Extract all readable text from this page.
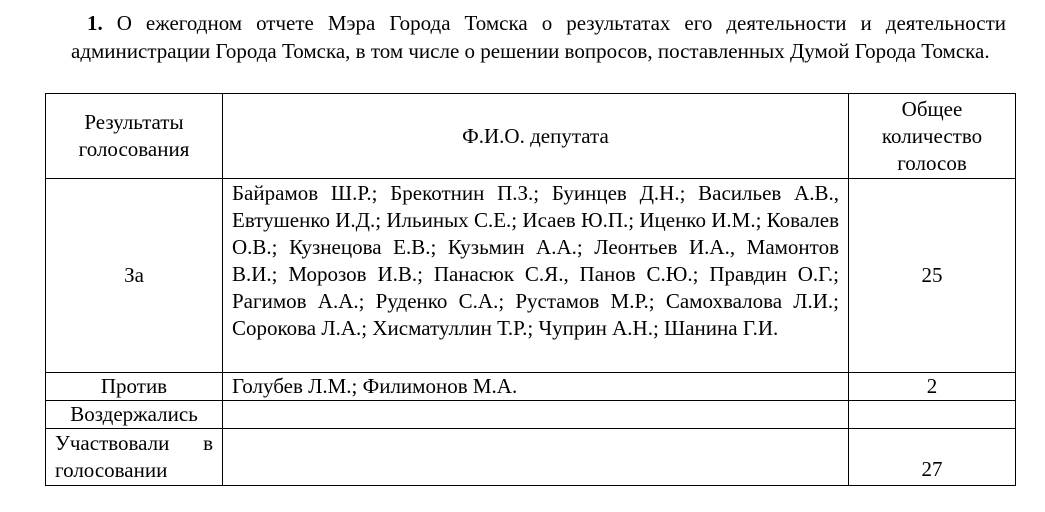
1. О ежегодном отчете Мэра Города Томска о результатах его деятельности и деятельности администрации Города Томска, в том числе о решении вопросов, поставленных Думой Города Томска.
Результаты голосования	Ф.И.О. депутата	Общее количество голосов
За	Байрамов Ш.Р.; Брекотнин П.З.; Буинцев Д.Н.; Васильев А.В., Евтушенко И.Д.; Ильиных С.Е.; Исаев Ю.П.; Иценко И.М.; Ковалев О.В.; Кузнецова Е.В.; Кузьмин А.А.; Леонтьев И.А., Мамонтов В.И.; Морозов И.В.; Панасюк С.Я., Панов С.Ю.; Правдин О.Г.; Рагимов А.А.; Руденко С.А.; Рустамов М.Р.; Самохвалова Л.И.; Сорокова Л.А.; Хисматуллин Т.Р.; Чуприн А.Н.; Шанина Г.И.	25
Против	Голубев Л.М.; Филимонов М.А.	2
Воздержались		
Участвовали в голосовании		27
